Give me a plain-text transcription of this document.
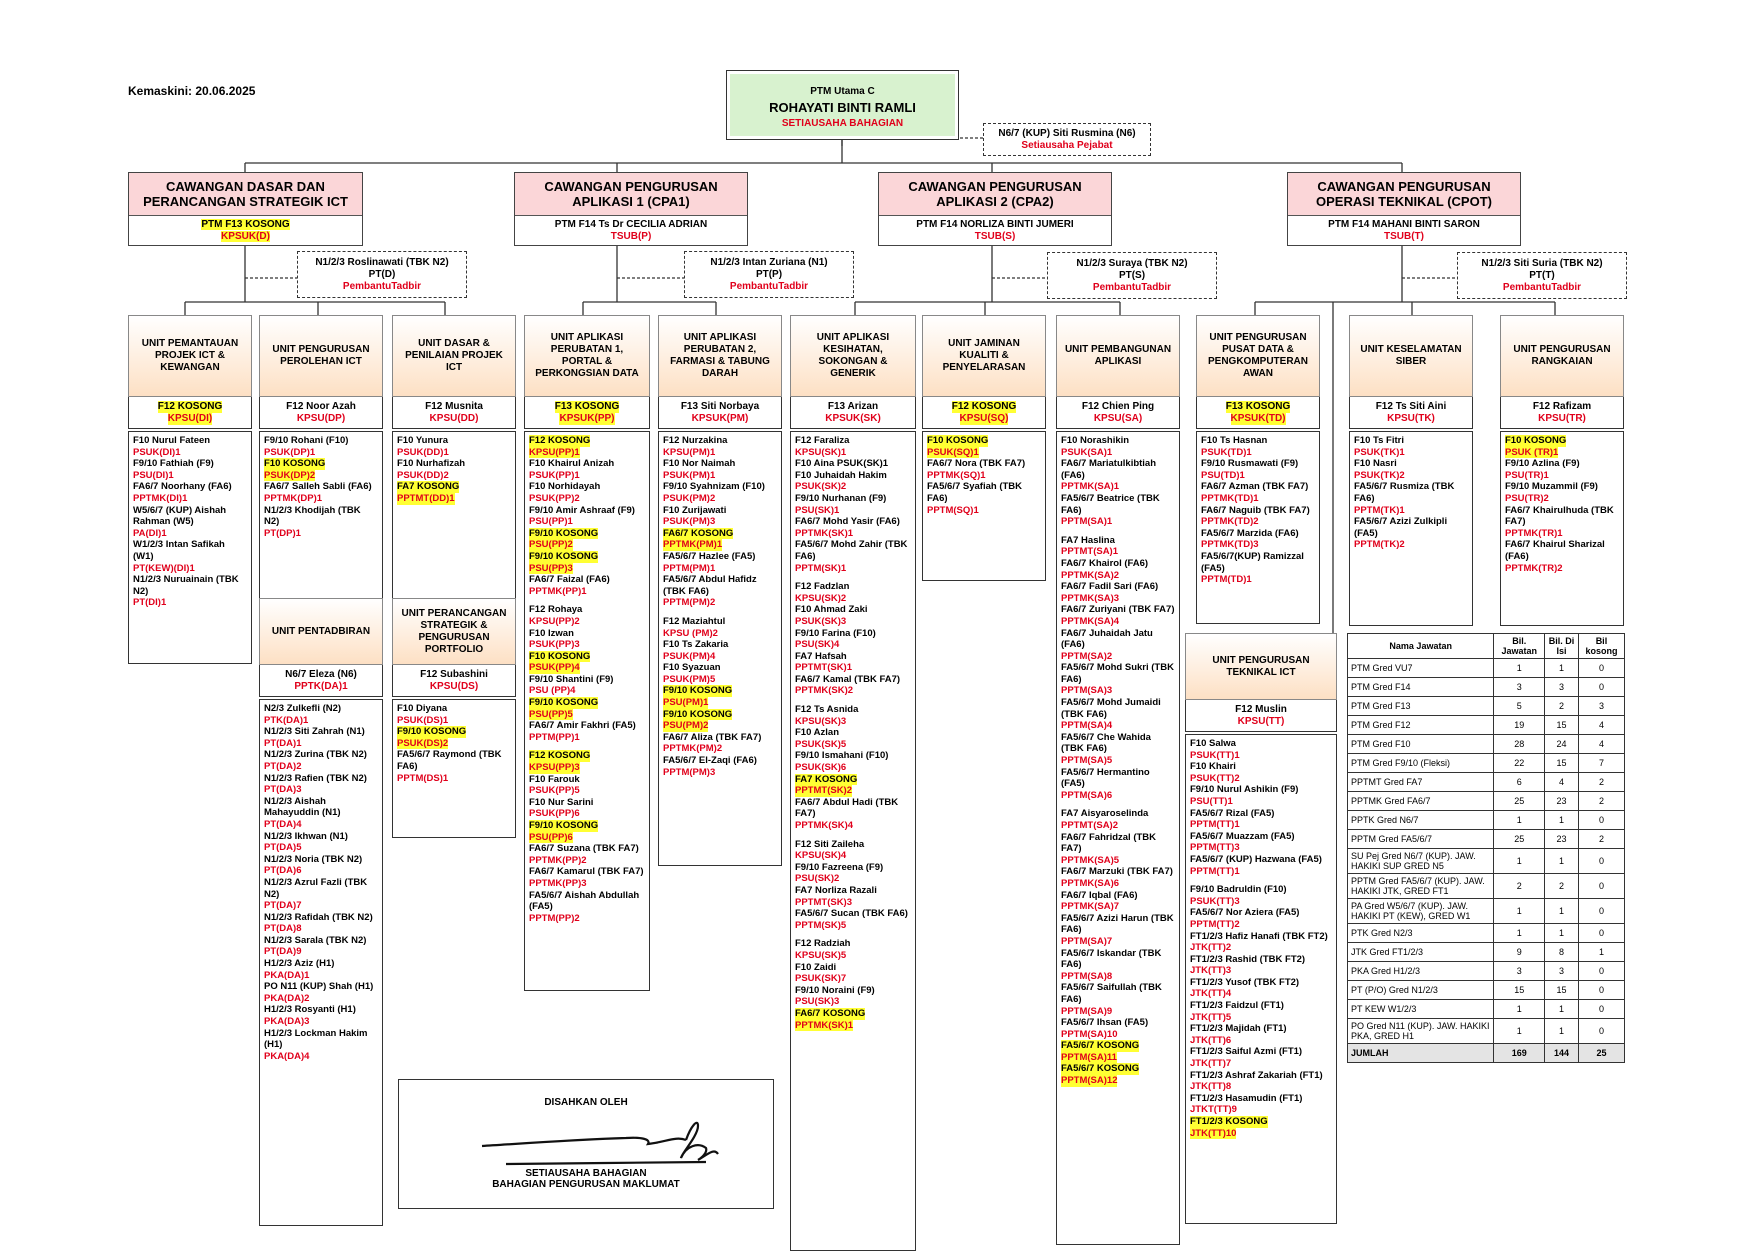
Kemaskini: 20.06.2025	PTM Utama C
ROHAYATI BINTI RAMLI
SETIAUSAHA BAHAGIAN
N6/7 (KUP) Siti Rusmina (N6)
Setiausaha Pejabat
CAWANGAN DASAR DAN PERANCANGAN STRATEGIK ICT
PTM F13 KOSONG
KPSUK(D)
CAWANGAN PENGURUSAN APLIKASI 1 (CPA1)
PTM F14 Ts Dr CECILIA ADRIAN
TSUB(P)
CAWANGAN PENGURUSAN APLIKASI 2 (CPA2)
PTM F14 NORLIZA BINTI JUMERI
TSUB(S)
CAWANGAN PENGURUSAN OPERASI TEKNIKAL (CPOT)
PTM F14 MAHANI BINTI SARON
TSUB(T)
N1/2/3 Roslinawati (TBK N2)
PT(D)
PembantuTadbir
N1/2/3 Intan Zuriana (N1)
PT(P)
PembantuTadbir
N1/2/3 Suraya (TBK N2)
PT(S)
PembantuTadbir
N1/2/3 Siti Suria (TBK N2)
PT(T)
PembantuTadbir
UNIT PEMANTAUAN PROJEK ICT & KEWANGAN
F12 KOSONG
KPSU(DI)
F10 Nurul Fateen
PSUK(DI)1
F9/10 Fathiah (F9)
PSU(DI)1
FA6/7 Noorhany (FA6)
PPTMK(DI)1
W5/6/7 (KUP) Aishah Rahman (W5)
PA(DI)1
W1/2/3 Intan Safikah (W1)
PT(KEW)(DI)1
N1/2/3 Nuruainain (TBK N2)
PT(DI)1
UNIT PENGURUSAN PEROLEHAN ICT
F12 Noor Azah
KPSU(DP)
F9/10 Rohani (F10)
PSUK(DP)1
F10 KOSONG
PSUK(DP)2
FA6/7 Salleh Sabli (FA6)
PPTMK(DP)1
N1/2/3 Khodijah (TBK N2)
PT(DP)1
UNIT DASAR & PENILAIAN PROJEK ICT
F12 Musnita
KPSU(DD)
F10 Yunura
PSUK(DD)1
F10 Nurhafizah
PSUK(DD)2
FA7 KOSONG
PPTMT(DD)1
UNIT APLIKASI PERUBATAN 1, PORTAL & PERKONGSIAN DATA
F13 KOSONG
KPSUK(PP)
F12 KOSONG
KPSU(PP)1
F10 Khairul Anizah
PSUK(PP)1
F10 Norhidayah
PSUK(PP)2
F9/10 Amir Ashraaf (F9)
PSU(PP)1
F9/10 KOSONG
PSU(PP)2
F9/10 KOSONG
PSU(PP)3
FA6/7 Faizal (FA6)
PPTMK(PP)1
F12 Rohaya
KPSU(PP)2
F10 Izwan
PSUK(PP)3
F10 KOSONG
PSUK(PP)4
F9/10 Shantini (F9)
PSU (PP)4
F9/10 KOSONG
PSU(PP)5
FA6/7 Amir Fakhri (FA5)
PPTM(PP)1
F12 KOSONG
KPSU(PP)3
F10 Farouk
PSUK(PP)5
F10 Nur Sarini
PSUK(PP)6
F9/10 KOSONG
PSU(PP)6
FA6/7 Suzana (TBK FA7)
PPTMK(PP)2
FA6/7 Kamarul (TBK FA7)
PPTMK(PP)3
FA5/6/7 Aishah Abdullah (FA5)
PPTM(PP)2
UNIT APLIKASI PERUBATAN 2, FARMASI & TABUNG DARAH
F13 Siti Norbaya
KPSUK(PM)
F12 Nurzakina
KPSU(PM)1
F10 Nor Naimah
PSUK(PM)1
F9/10 Syahnizam (F10)
PSUK(PM)2
F10 Zurijawati
PSUK(PM)3
FA6/7 KOSONG
PPTMK(PM)1
FA5/6/7 Hazlee (FA5)
PPTM(PM)1
FA5/6/7 Abdul Hafidz (TBK FA6)
PPTM(PM)2
F12 Maziahtul
KPSU (PM)2
F10 Ts Zakaria
PSUK(PM)4
F10 Syazuan
PSUK(PM)5
F9/10 KOSONG
PSU(PM)1
F9/10 KOSONG
PSU(PM)2
FA6/7 Aliza (TBK FA7)
PPTMK(PM)2
FA5/6/7 El-Zaqi (FA6)
PPTM(PM)3
UNIT APLIKASI KESIHATAN, SOKONGAN & GENERIK
F13 Arizan
KPSUK(SK)
F12 Faraliza
KPSU(SK)1
F10 Aina PSUK(SK)1
F10 Juhaidah Hakim
PSUK(SK)2
F9/10 Nurhanan (F9)
PSU(SK)1
FA6/7 Mohd Yasir (FA6)
PPTMK(SK)1
FA5/6/7 Mohd Zahir (TBK FA6)
PPTM(SK)1
F12 Fadzlan
KPSU(SK)2
F10 Ahmad Zaki
PSUK(SK)3
F9/10 Farina (F10)
PSU(SK)4
FA7 Hafsah
PPTMT(SK)1
FA6/7 Kamal (TBK FA7)
PPTMK(SK)2
F12 Ts Asnida
KPSU(SK)3
F10 Azlan
PSUK(SK)5
F9/10 Ismahani (F10)
PSUK(SK)6
FA7 KOSONG
PPTMT(SK)2
FA6/7 Abdul Hadi (TBK FA7)
PPTMK(SK)4
F12 Siti Zaileha
KPSU(SK)4
F9/10 Fazreena (F9)
PSU(SK)2
FA7 Norliza Razali
PPTMT(SK)3
FA5/6/7 Sucan (TBK FA6)
PPTM(SK)5
F12 Radziah
KPSU(SK)5
F10 Zaidi
PSUK(SK)7
F9/10 Noraini (F9)
PSU(SK)3
FA6/7 KOSONG
PPTMK(SK)1
UNIT JAMINAN KUALITI & PENYELARASAN
F12 KOSONG
KPSU(SQ)
F10 KOSONG
PSUK(SQ)1
FA6/7 Nora (TBK FA7)
PPTMK(SQ)1
FA5/6/7 Syafiah (TBK FA6)
PPTM(SQ)1
UNIT PEMBANGUNAN APLIKASI
F12 Chien Ping
KPSU(SA)
F10 Norashikin
PSUK(SA)1
FA6/7 Mariatulkibtiah (FA6)
PPTMK(SA)1
FA5/6/7 Beatrice (TBK FA6)
PPTM(SA)1
FA7 Haslina
PPTMT(SA)1
FA6/7 Khairol (FA6)
PPTMK(SA)2
FA6/7 Fadil Sari (FA6)
PPTMK(SA)3
FA6/7 Zuriyani (TBK FA7)
PPTMK(SA)4
FA6/7 Juhaidah Jatu (FA6)
PPTM(SA)2
FA5/6/7 Mohd Sukri (TBK FA6)
PPTM(SA)3
FA5/6/7 Mohd Jumaidi (TBK FA6)
PPTM(SA)4
FA5/6/7 Che Wahida (TBK FA6)
PPTM(SA)5
FA5/6/7 Hermantino (FA5)
PPTM(SA)6
FA7 Aisyaroselinda
PPTMT(SA)2
FA6/7 Fahridzal (TBK FA7)
PPTMK(SA)5
FA6/7 Marzuki (TBK FA7)
PPTMK(SA)6
FA6/7 Iqbal (FA6)
PPTMK(SA)7
FA5/6/7 Azizi Harun (TBK FA6)
PPTM(SA)7
FA5/6/7 Iskandar (TBK FA6)
PPTM(SA)8
FA5/6/7 Saifullah (TBK FA6)
PPTM(SA)9
FA5/6/7 Ihsan (FA5)
PPTM(SA)10
FA5/6/7 KOSONG
PPTM(SA)11
FA5/6/7 KOSONG
PPTM(SA)12
UNIT PENGURUSAN PUSAT DATA & PENGKOMPUTERAN AWAN
F13 KOSONG
KPSUK(TD)
F10 Ts Hasnan
PSUK(TD)1
F9/10 Rusmawati (F9)
PSU(TD)1
FA6/7 Azman (TBK FA7)
PPTMK(TD)1
FA6/7 Naguib (TBK FA7)
PPTMK(TD)2
FA5/6/7 Marzida (FA6)
PPTMK(TD)3
FA5/6/7(KUP) Ramizzal (FA5)
PPTM(TD)1
UNIT KESELAMATAN SIBER
F12 Ts Siti Aini
KPSU(TK)
F10 Ts Fitri
PSUK(TK)1
F10 Nasri
PSUK(TK)2
FA5/6/7 Rusmiza (TBK FA6)
PPTM(TK)1
FA5/6/7 Azizi Zulkipli (FA5)
PPTM(TK)2
UNIT PENGURUSAN RANGKAIAN
F12 Rafizam
KPSU(TR)
F10 KOSONG
PSUK (TR)1
F9/10 Azlina (F9)
PSU(TR)1
F9/10 Muzammil (F9)
PSU(TR)2
FA6/7 Khairulhuda (TBK FA7)
PPTMK(TR)1
FA6/7 Khairul Sharizal (FA6)
PPTMK(TR)2
UNIT PENTADBIRAN
N6/7 Eleza (N6)
PPTK(DA)1
N2/3 Zulkefli (N2)
PTK(DA)1
N1/2/3 Siti Zahrah (N1)
PT(DA)1
N1/2/3 Zurina (TBK N2)
PT(DA)2
N1/2/3 Rafien (TBK N2)
PT(DA)3
N1/2/3 Aishah Mahayuddin (N1)
PT(DA)4
N1/2/3 Ikhwan (N1)
PT(DA)5
N1/2/3 Noria (TBK N2)
PT(DA)6
N1/2/3 Azrul Fazli (TBK N2)
PT(DA)7
N1/2/3 Rafidah (TBK N2)
PT(DA)8
N1/2/3 Sarala (TBK N2)
PT(DA)9
H1/2/3 Aziz (H1)
PKA(DA)1
PO N11 (KUP) Shah (H1)
PKA(DA)2
H1/2/3 Rosyanti (H1)
PKA(DA)3
H1/2/3 Lockman Hakim (H1)
PKA(DA)4
UNIT PERANCANGAN STRATEGIK & PENGURUSAN PORTFOLIO
F12 Subashini
KPSU(DS)
F10 Diyana
PSUK(DS)1
F9/10 KOSONG
PSUK(DS)2
FA5/6/7 Raymond (TBK FA6)
PPTM(DS)1
UNIT PENGURUSAN TEKNIKAL ICT
F12 Muslin
KPSU(TT)
F10 Salwa
PSUK(TT)1
F10 Khairi
PSUK(TT)2
F9/10 Nurul Ashikin (F9)
PSU(TT)1
FA5/6/7 Rizal (FA5)
PPTM(TT)1
FA5/6/7 Muazzam (FA5)
PPTM(TT)3
FA5/6/7 (KUP) Hazwana (FA5)
PPTM(TT)1
F9/10 Badruldin (F10)
PSUK(TT)3
FA5/6/7 Nor Aziera (FA5)
PPTM(TT)2
FT1/2/3 Hafiz Hanafi (TBK FT2)
JTK(TT)2
FT1/2/3 Rashid (TBK FT2)
JTK(TT)3
FT1/2/3 Yusof (TBK FT2)
JTK(TT)4
FT1/2/3 Faidzul (FT1)
JTK(TT)5
FT1/2/3 Majidah (FT1)
JTK(TT)6
FT1/2/3 Saiful Azmi (FT1)
JTK(TT)7
FT1/2/3 Ashraf Zakariah (FT1)
JTK(TT)8
FT1/2/3 Hasamudin (FT1)
JTKT(TT)9
FT1/2/3 KOSONG
JTK(TT)10
Nama Jawatan	Bil. Jawatan	Bil. Di Isi	Bil kosong
PTM Gred VU7	1	1	0
PTM Gred F14	3	3	0
PTM Gred F13	5	2	3
PTM Gred F12	19	15	4
PTM Gred F10	28	24	4
PTM Gred F9/10 (Fleksi)	22	15	7
PPTMT Gred FA7	6	4	2
PPTMK Gred FA6/7	25	23	2
PPTK Gred N6/7	1	1	0
PPTM Gred FA5/6/7	25	23	2
SU Pej Gred N6/7 (KUP). JAW. HAKIKI SUP GRED N5	1	1	0
PPTM Gred FA5/6/7 (KUP). JAW. HAKIKI JTK, GRED FT1	2	2	0
PA Gred W5/6/7 (KUP). JAW. HAKIKI PT (KEW), GRED W1	1	1	0
PTK Gred N2/3	1	1	0
JTK Gred FT1/2/3	9	8	1
PKA Gred H1/2/3	3	3	0
PT (P/O) Gred N1/2/3	15	15	0
PT KEW W1/2/3	1	1	0
PO Gred N11 (KUP). JAW. HAKIKI PKA, GRED H1	1	1	0
JUMLAH	169	144	25
DISAHKAN OLEH
SETIAUSAHA BAHAGIAN
BAHAGIAN PENGURUSAN MAKLUMAT
